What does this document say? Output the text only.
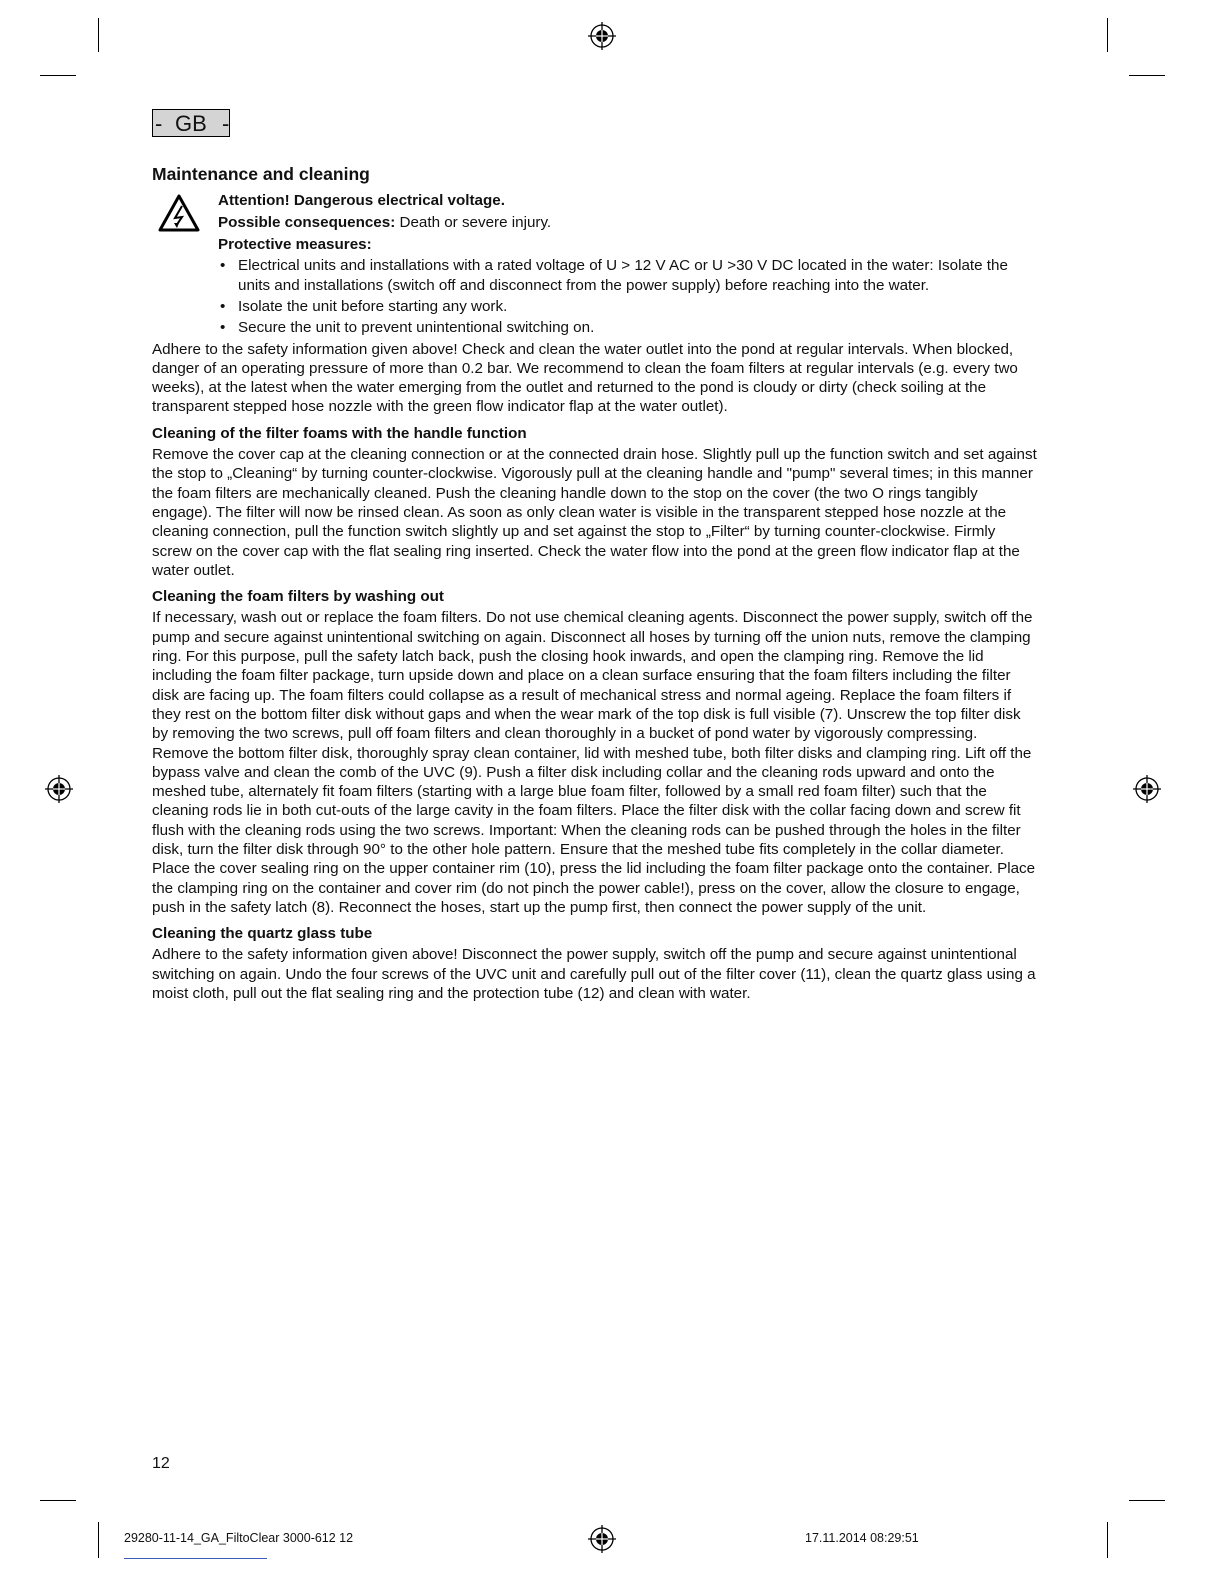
- GB -
Maintenance and cleaning

Attention! Dangerous electrical voltage.

Possible consequences: Death or severe injury.

Protective measures:

• Electrical units and installations with a rated voltage of U > 12 V AC or U >30 V DC located in the water: Isolate the units and installations (switch off and disconnect from the power supply) before reaching into the water.
• Isolate the unit before starting any work.
• Secure the unit to prevent unintentional switching on.

Adhere to the safety information given above! Check and clean the water outlet into the pond at regular intervals. When blocked, danger of an operating pressure of more than 0.2 bar. We recommend to clean the foam filters at regular intervals (e.g. every two weeks), at the latest when the water emerging from the outlet and returned to the pond is cloudy or dirty (check soiling at the transparent stepped hose nozzle with the green flow indicator flap at the water outlet).

Cleaning of the filter foams with the handle function

Remove the cover cap at the cleaning connection or at the connected drain hose. Slightly pull up the function switch and set against the stop to „Cleaning“ by turning counter-clockwise. Vigorously pull at the cleaning handle and "pump" several times; in this manner the foam filters are mechanically cleaned. Push the cleaning handle down to the stop on the cover (the two O rings tangibly engage). The filter will now be rinsed clean. As soon as only clean water is visible in the transparent stepped hose nozzle at the cleaning connection, pull the function switch slightly up and set against the stop to „Filter“ by turning counter-clockwise. Firmly screw on the cover cap with the flat sealing ring inserted. Check the water flow into the pond at the green flow indicator flap at the water outlet.

Cleaning the foam filters by washing out

If necessary, wash out or replace the foam filters. Do not use chemical cleaning agents. Disconnect the power supply, switch off the pump and secure against unintentional switching on again. Disconnect all hoses by turning off the union nuts, remove the clamping ring. For this purpose, pull the safety latch back, push the closing hook inwards, and open the clamping ring. Remove the lid including the foam filter package, turn upside down and place on a clean surface ensuring that the foam filters including the filter disk are facing up. The foam filters could collapse as a result of mechanical stress and normal ageing. Replace the foam filters if they rest on the bottom filter disk without gaps and when the wear mark of the top disk is full visible (7). Unscrew the top filter disk by removing the two screws, pull off foam filters and clean thoroughly in a bucket of pond water by vigorously compressing. Remove the bottom filter disk, thoroughly spray clean container, lid with meshed tube, both filter disks and clamping ring. Lift off the bypass valve and clean the comb of the UVC (9). Push a filter disk including collar and the cleaning rods upward and onto the meshed tube, alternately fit foam filters (starting with a large blue foam filter, followed by a small red foam filter) such that the cleaning rods lie in both cut-outs of the large cavity in the foam filters. Place the filter disk with the collar facing down and screw fit flush with the cleaning rods using the two screws. Important: When the cleaning rods can be pushed through the holes in the filter disk, turn the filter disk through 90° to the other hole pattern. Ensure that the meshed tube fits completely in the collar diameter. Place the cover sealing ring on the upper container rim (10), press the lid including the foam filter package onto the container. Place the clamping ring on the container and cover rim (do not pinch the power cable!), press on the cover, allow the closure to engage, push in the safety latch (8). Reconnect the hoses, start up the pump first, then connect the power supply of the unit.

Cleaning the quartz glass tube

Adhere to the safety information given above! Disconnect the power supply, switch off the pump and secure against unintentional switching on again. Undo the four screws of the UVC unit and carefully pull out of the filter cover (11), clean the quartz glass using a moist cloth, pull out the flat sealing ring and the protection tube (12) and clean with water.

12
29280-11-14_GA_FiltoClear 3000-612 12	17.11.2014 08:29:51
